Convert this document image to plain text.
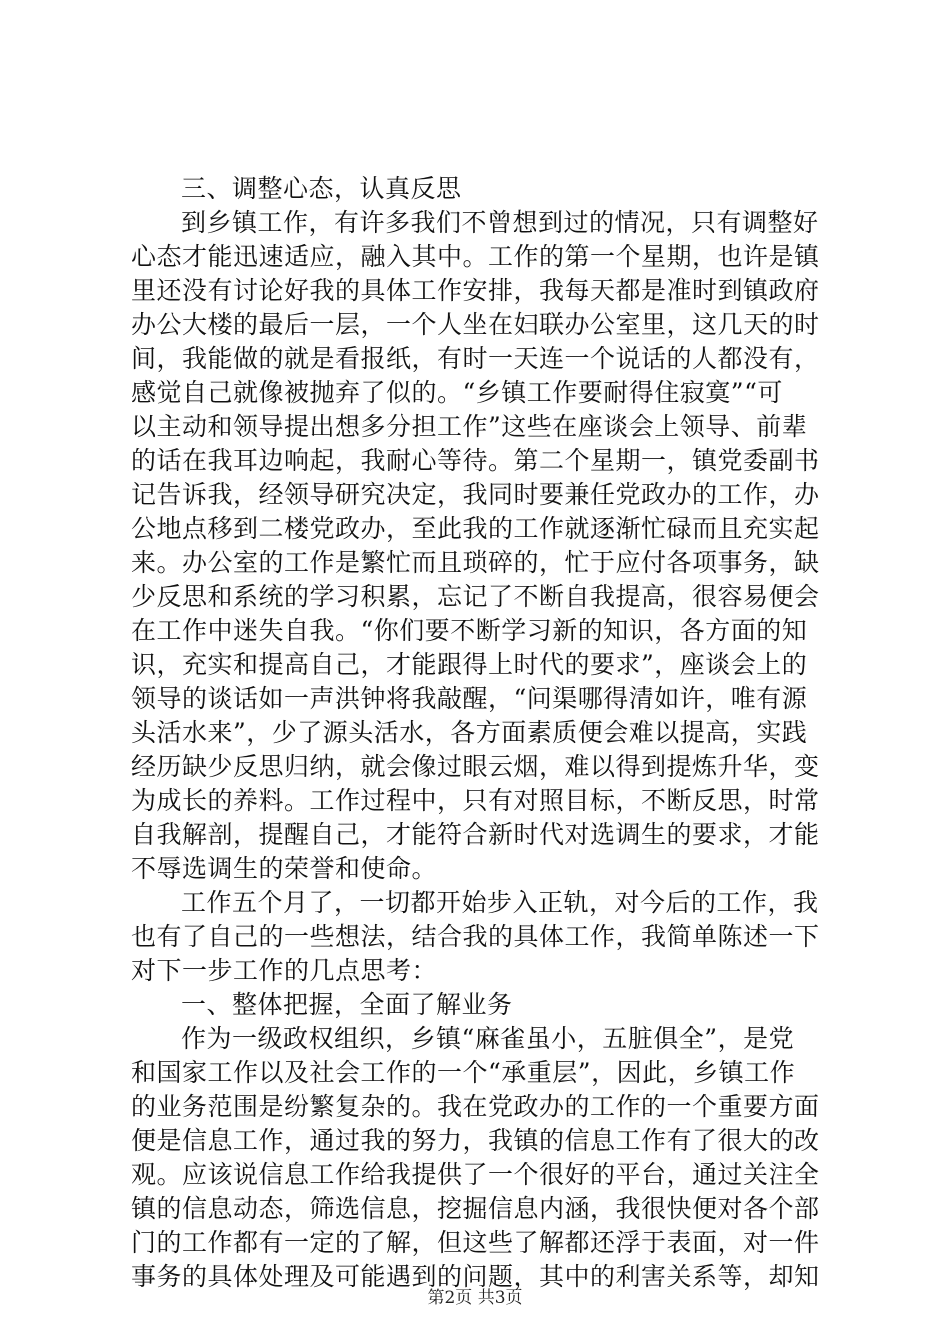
三、调整心态，认真反思
到乡镇工作，有许多我们不曾想到过的情况，只有调整好
心态才能迅速适应，融入其中。工作的第一个星期，也许是镇
里还没有讨论好我的具体工作安排，我每天都是准时到镇政府
办公大楼的最后一层，一个人坐在妇联办公室里，这几天的时
间，我能做的就是看报纸，有时一天连一个说话的人都没有，
感觉自己就像被抛弃了似的。“乡镇工作要耐得住寂寞”“可
以主动和领导提出想多分担工作”这些在座谈会上领导、前辈
的话在我耳边响起，我耐心等待。第二个星期一，镇党委副书
记告诉我，经领导研究决定，我同时要兼任党政办的工作，办
公地点移到二楼党政办，至此我的工作就逐渐忙碌而且充实起
来。办公室的工作是繁忙而且琐碎的，忙于应付各项事务，缺
少反思和系统的学习积累，忘记了不断自我提高，很容易便会
在工作中迷失自我。“你们要不断学习新的知识，各方面的知
识，充实和提高自己，才能跟得上时代的要求”，座谈会上的
领导的谈话如一声洪钟将我敲醒，“问渠哪得清如许，唯有源
头活水来”，少了源头活水，各方面素质便会难以提高，实践
经历缺少反思归纳，就会像过眼云烟，难以得到提炼升华，变
为成长的养料。工作过程中，只有对照目标，不断反思，时常
自我解剖，提醒自己，才能符合新时代对选调生的要求，才能
不辱选调生的荣誉和使命。
工作五个月了，一切都开始步入正轨，对今后的工作，我
也有了自己的一些想法，结合我的具体工作，我简单陈述一下
对下一步工作的几点思考：
一、整体把握，全面了解业务
作为一级政权组织，乡镇“麻雀虽小，五脏俱全”，是党
和国家工作以及社会工作的一个“承重层”，因此，乡镇工作
的业务范围是纷繁复杂的。我在党政办的工作的一个重要方面
便是信息工作，通过我的努力，我镇的信息工作有了很大的改
观。应该说信息工作给我提供了一个很好的平台，通过关注全
镇的信息动态，筛选信息，挖掘信息内涵，我很快便对各个部
门的工作都有一定的了解，但这些了解都还浮于表面，对一件
事务的具体处理及可能遇到的问题，其中的利害关系等，却知
第2页 共3页
